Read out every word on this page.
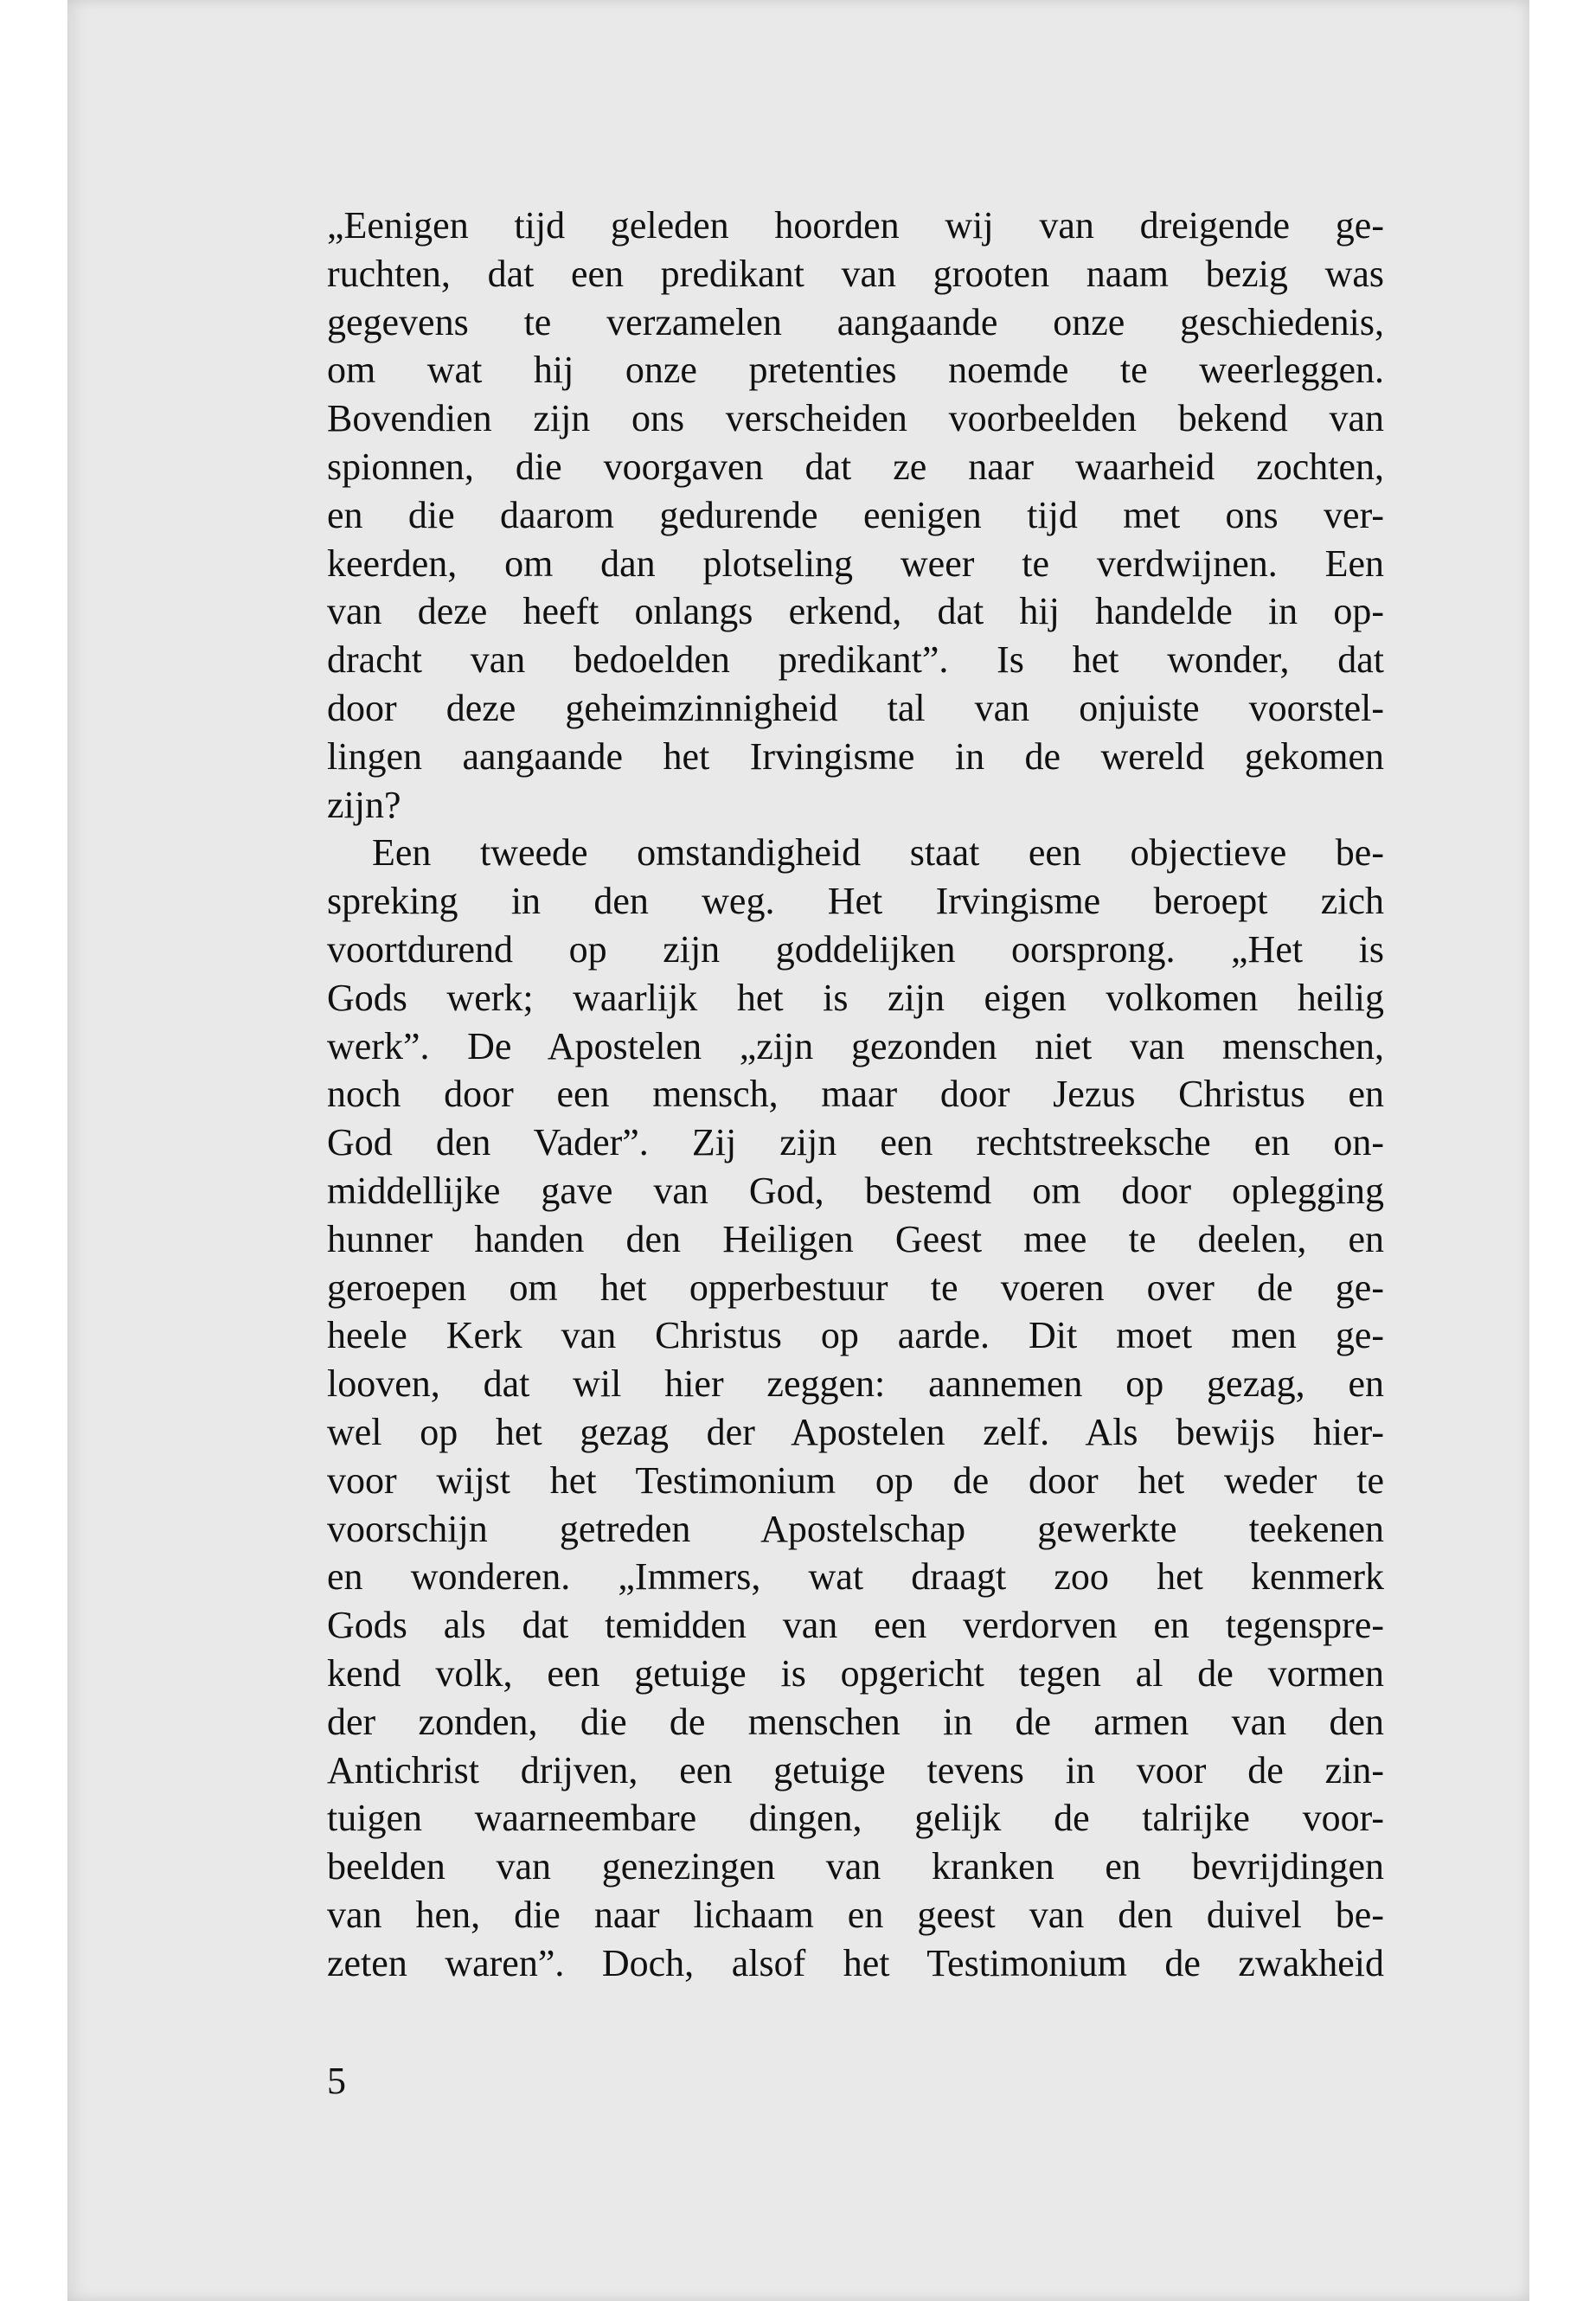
„Eenigen tijd geleden hoorden wij van dreigende ge-
ruchten, dat een predikant van grooten naam bezig was
gegevens te verzamelen aangaande onze geschiedenis,
om wat hij onze pretenties noemde te weerleggen.
Bovendien zijn ons verscheiden voorbeelden bekend van
spionnen, die voorgaven dat ze naar waarheid zochten,
en die daarom gedurende eenigen tijd met ons ver-
keerden, om dan plotseling weer te verdwijnen. Een
van deze heeft onlangs erkend, dat hij handelde in op-
dracht van bedoelden predikant”. Is het wonder, dat
door deze geheimzinnigheid tal van onjuiste voorstel-
lingen aangaande het Irvingisme in de wereld gekomen
zijn?
Een tweede omstandigheid staat een objectieve be-
spreking in den weg. Het Irvingisme beroept zich
voortdurend op zijn goddelijken oorsprong. „Het is
Gods werk; waarlijk het is zijn eigen volkomen heilig
werk”. De Apostelen „zijn gezonden niet van menschen,
noch door een mensch, maar door Jezus Christus en
God den Vader”. Zij zijn een rechtstreeksche en on-
middellijke gave van God, bestemd om door oplegging
hunner handen den Heiligen Geest mee te deelen, en
geroepen om het opperbestuur te voeren over de ge-
heele Kerk van Christus op aarde. Dit moet men ge-
looven, dat wil hier zeggen: aannemen op gezag, en
wel op het gezag der Apostelen zelf. Als bewijs hier-
voor wijst het Testimonium op de door het weder te
voorschijn getreden Apostelschap gewerkte teekenen
en wonderen. „Immers, wat draagt zoo het kenmerk
Gods als dat temidden van een verdorven en tegenspre-
kend volk, een getuige is opgericht tegen al de vormen
der zonden, die de menschen in de armen van den
Antichrist drijven, een getuige tevens in voor de zin-
tuigen waarneembare dingen, gelijk de talrijke voor-
beelden van genezingen van kranken en bevrijdingen
van hen, die naar lichaam en geest van den duivel be-
zeten waren”. Doch, alsof het Testimonium de zwakheid
5
